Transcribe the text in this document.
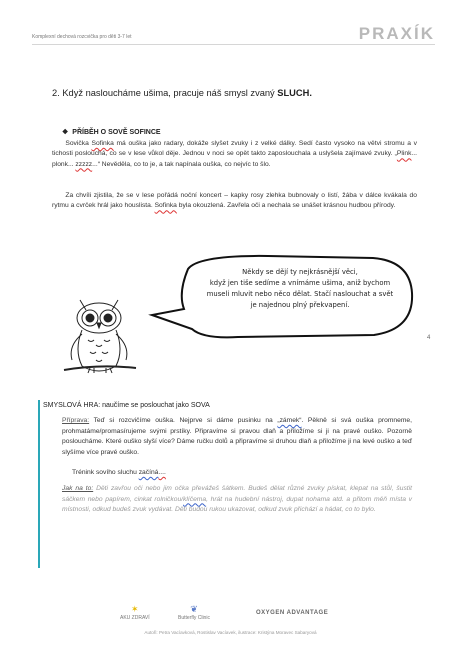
Komplexní dechová rozcvička pro děti 3-7 let	PRAXÍK
2. Když nasloucháme ušima, pracuje náš smysl zvaný SLUCH.
❖ PŘÍBĚH O SOVĚ SOFINCE
  Sovička Sofinka má ouška jako radary, dokáže slyšet zvuky i z velké dálky. Sedí často vysoko na větvi stromu a v tichosti poslouchá, co se v lese vůkol děje. Jednou v noci se opět takto zaposlouchala a uslyšela zajímavé zvuky. „Plink... plonk... zzzzz...“ Nevěděla, co to je, a tak napínala ouška, co nejvíc to šlo.
  Za chvíli zjistila, že se v lese pořádá noční koncert – kapky rosy zlehka bubnovaly o listí, žába v dálce kvákala do rytmu a cvrček hrál jako houslista. Sofinka byla okouzlená. Zavřela oči a nechala se unášet krásnou hudbou přírody.
Někdy se dějí ty nejkrásnější věci,
když jen tiše sedíme a vnímáme ušima, aniž bychom
museli mluvit nebo něco dělat. Stačí naslouchat a svět
je najednou plný překvapení.
4
SMYSLOVÁ HRA: naučíme se poslouchat jako SOVA
Příprava: Teď si rozcvičíme ouška. Nejprve si dáme pusinku na „zámek“. Pěkně si svá ouška promneme, prohmatáme/promasírujeme svými prstíky. Připravíme si pravou dlaň a přiložíme si ji na pravé ouško. Pozorně posloucháme. Které ouško slyší více? Dáme ručku dolů a připravíme si druhou dlaň a přiložíme ji na levé ouško a teď slyšíme více pravé ouško.
  Trénink sovího sluchu začíná....
Jak na to: Děti zavřou oči nebo jim očka převážeš šátkem. Budeš dělat různé zvuky pískat, klepat na stůl, šustit sáčkem nebo papírem, cinkat rolničkou/klíčema, hrát na hudební nástroj, dupat nohama atd. a přitom měň místa v místnosti, odkud budeš zvuk vydávat. Děti budou rukou ukazovat, odkud zvuk přichází a hádat, co to bylo.
✶
AKU ZDRAVÍ
❦
Butterfly Clinic
OXYGEN ADVANTAGE
Autoři: Petra Vacíavková, Rostislav Vacíavek, ilustrace: Kristýna Moravec Sabaryová
